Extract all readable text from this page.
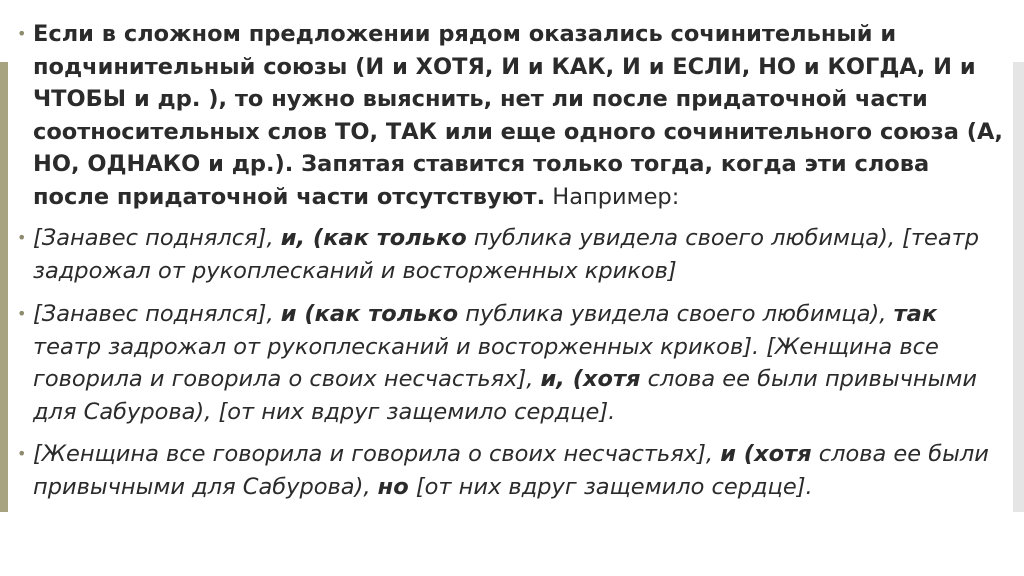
• Если в сложном предложении рядом оказались сочинительный и подчинительный союзы (И и ХОТЯ, И и КАК, И и ЕСЛИ, НО и КОГДА, И и ЧТОБЫ и др. ), то нужно выяснить, нет ли после придаточной части соотносительных слов ТО, ТАК или еще одного сочинительного союза (А, НО, ОДНАКО и др.). Запятая ставится только тогда, когда эти слова после придаточной части отсутствуют. Например:
• [Занавес поднялся], и, (как только публика увидела своего любимца), [театр задрожал от рукоплесканий и восторженных криков]
• [Занавес поднялся], и (как только публика увидела своего любимца), так театр задрожал от рукоплесканий и восторженных криков]. [Женщина все говорила и говорила о своих несчастьях], и, (хотя слова ее были привычными для Сабурова), [от них вдруг защемило сердце].
• [Женщина все говорила и говорила о своих несчастьях], и (хотя слова ее были привычными для Сабурова), но [от них вдруг защемило сердце].
